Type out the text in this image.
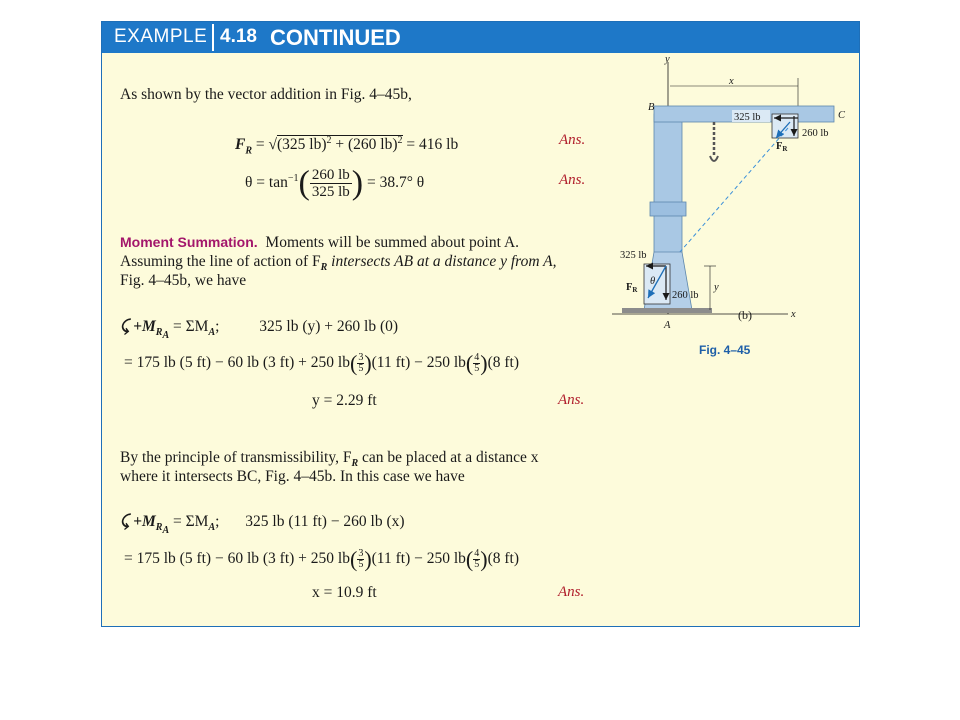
EXAMPLE 4.18 CONTINUED
As shown by the vector addition in Fig. 4–45b,
$F_R = √(325$ lb)$^2$ + (260 lb)$^2$ = 416 lb	Ans.
$\theta = \tan^{-1}( \frac{260 lb}{325 lb}$ ) = 38.7° θ	Ans.
Moment Summation. Moments will be summed about point A.
Assuming the line of action of $F_R$ intersects AB at a distance y from A,
Fig. 4–45b, we have
⤹ $+M_{R_A} = \Sigma M_A$;	325 lb (y) + 260 lb (0)
= 175 lb (5 ft) − 60 lb (3 ft) + 250 $lb( \frac{3}{5} )(11$ ft) − 250 $lb( \frac{4}{5} )(8$ ft)
y = 2.29 ft	Ans.
By the principle of transmissibility, $F_R$ can be placed at a distance x
where it intersects BC, Fig. 4–45b. In this case we have
⤹ $+M_{R_A} = \Sigma M_A$; 325 lb (11 ft) − 260 lb (x)
= 175 lb (5 ft) − 60 lb (3 ft) + 250 $lb( \frac{3}{5} )(11$ ft) − 250 $lb( \frac{4}{5} )(8$ ft)
x = 10.9 ft	Ans.
y
x
B
C
325 lb
260 lb
FR
x
A
325 lb
θ
FR	260 lb
y
(b)
Fig. 4–45
